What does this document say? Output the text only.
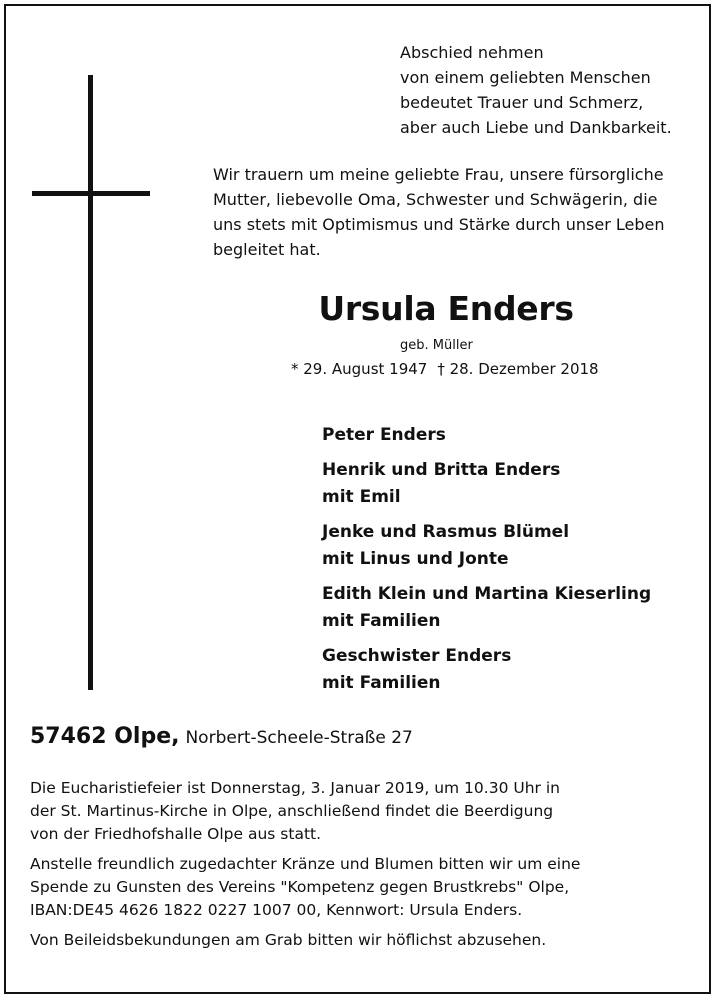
Abschied nehmen
von einem geliebten Menschen
bedeutet Trauer und Schmerz,
aber auch Liebe und Dankbarkeit.
Wir trauern um meine geliebte Frau, unsere fürsorgliche
Mutter, liebevolle Oma, Schwester und Schwägerin, die
uns stets mit Optimismus und Stärke durch unser Leben
begleitet hat.
Ursula Enders
geb. Müller
* 29. August 1947 † 28. Dezember 2018
Peter Enders
Henrik und Britta Enders
mit Emil
Jenke und Rasmus Blümel
mit Linus und Jonte
Edith Klein und Martina Kieserling
mit Familien
Geschwister Enders
mit Familien
57462 Olpe, Norbert-Scheele-Straße 27

Die Eucharistiefeier ist Donnerstag, 3. Januar 2019, um 10.30 Uhr in
der St. Martinus-Kirche in Olpe, anschließend findet die Beerdigung
von der Friedhofshalle Olpe aus statt.

Anstelle freundlich zugedachter Kränze und Blumen bitten wir um eine
Spende zu Gunsten des Vereins "Kompetenz gegen Brustkrebs" Olpe,
IBAN:DE45 4626 1822 0227 1007 00, Kennwort: Ursula Enders.

Von Beileidsbekundungen am Grab bitten wir höflichst abzusehen.
